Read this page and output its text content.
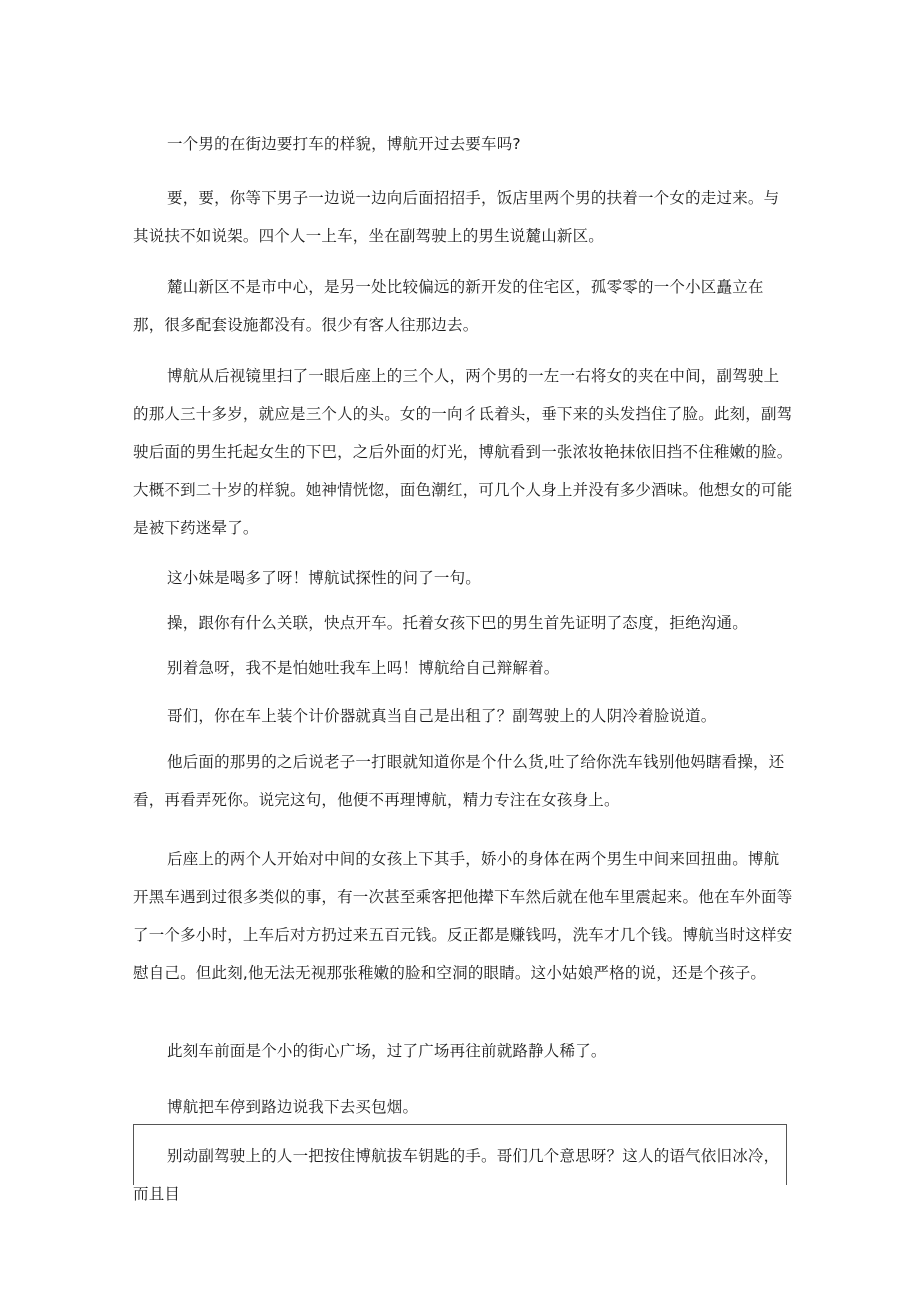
一个男的在街边要打车的样貌，博航开过去要车吗?

要，要，你等下男子一边说一边向后面招招手，饭店里两个男的扶着一个女的走过来。与其说扶不如说架。四个人一上车，坐在副驾驶上的男生说麓山新区。

麓山新区不是市中心，是另一处比较偏远的新开发的住宅区，孤零零的一个小区矗立在那，很多配套设施都没有。很少有客人往那边去。

博航从后视镜里扫了一眼后座上的三个人，两个男的一左一右将女的夹在中间，副驾驶上的那人三十多岁，就应是三个人的头。女的一向彳氐着头，垂下来的头发挡住了脸。此刻，副驾驶后面的男生托起女生的下巴，之后外面的灯光，博航看到一张浓妆艳抹依旧挡不住稚嫩的脸。大概不到二十岁的样貌。她神情恍惚，面色潮红，可几个人身上并没有多少酒味。他想女的可能是被下药迷晕了。

这小妹是喝多了呀！博航试探性的问了一句。

操，跟你有什么关联，快点开车。托着女孩下巴的男生首先证明了态度，拒绝沟通。

别着急呀，我不是怕她吐我车上吗！博航给自己辩解着。

哥们，你在车上装个计价器就真当自己是出租了？副驾驶上的人阴冷着脸说道。

他后面的那男的之后说老子一打眼就知道你是个什么货,吐了给你洗车钱别他妈瞎看操，还看，再看弄死你。说完这句，他便不再理博航，精力专注在女孩身上。

后座上的两个人开始对中间的女孩上下其手，娇小的身体在两个男生中间来回扭曲。博航开黑车遇到过很多类似的事，有一次甚至乘客把他撵下车然后就在他车里震起来。他在车外面等了一个多小时，上车后对方扔过来五百元钱。反正都是赚钱吗，洗车才几个钱。博航当时这样安慰自己。但此刻,他无法无视那张稚嫩的脸和空洞的眼睛。这小姑娘严格的说，还是个孩子。

此刻车前面是个小的街心广场，过了广场再往前就路静人稀了。

博航把车停到路边说我下去买包烟。

别动副驾驶上的人一把按住博航拔车钥匙的手。哥们几个意思呀？这人的语气依旧冰冷，而且目
